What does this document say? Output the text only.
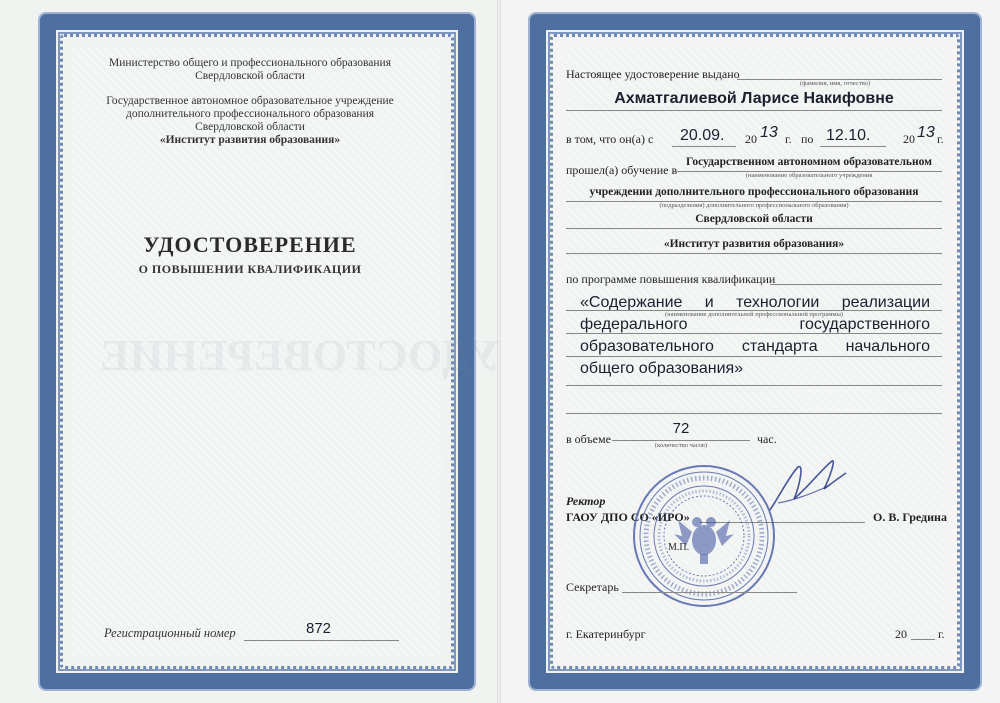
УДОСТОВЕРЕНИЕ
Министерство общего и профессионального образования
Свердловской области
Государственное автономное образовательное учреждение
дополнительного профессионального образования
Свердловской области
«Институт развития образования»
УДОСТОВЕРЕНИЕ
О ПОВЫШЕНИИ КВАЛИФИКАЦИИ
Регистрационный номер	872
Настоящее удостоверение выдано
(фамилия, имя, отчество)
Ахматгалиевой Ларисе Накифовне
в том, что он(а) с 20.09. 20 13 г. по 12.10.	20 13 г.
прошел(а) обучение в
Государственном автономном образовательном
(наименование образовательного учреждения
учреждении дополнительного профессионального образования
(подразделения) дополнительного профессионального образования)
Свердловской области
«Институт развития образования»
по программе повышения квалификации
«Содержание и технологии реализации
(наименование дополнительной профессиональной программы)
федерального государственного
образовательного стандарта начального
общего образования»
в объеме
72
(количество часов)	час.
Ректор
ГАОУ ДПО СО «ИРО»	О. В. Гредина
М.П.
Секретарь
г. Екатеринбург	20	г.
